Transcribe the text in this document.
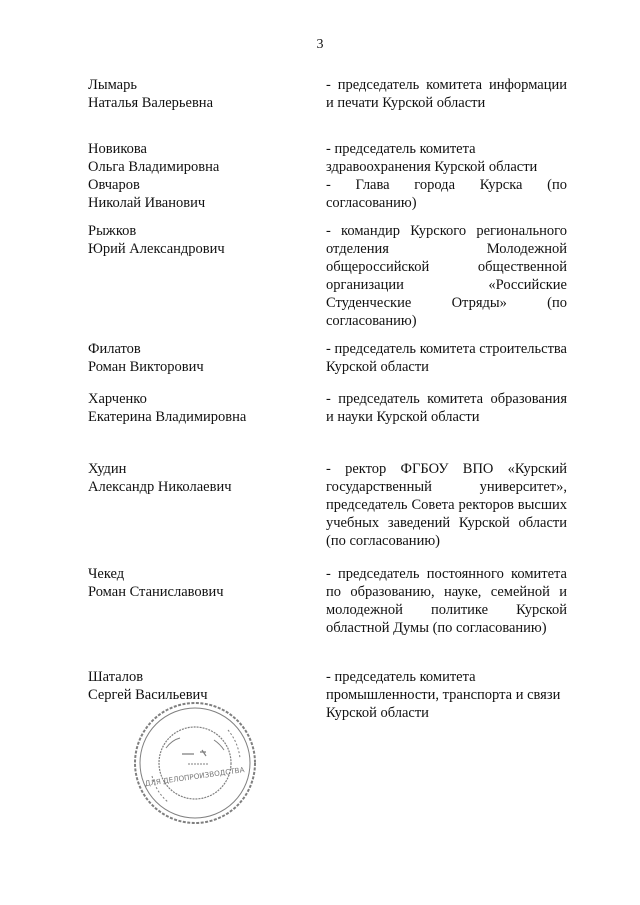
3
Лымарь
Наталья Валерьевна
- председатель комитета информации и печати Курской области
Новикова
Ольга Владимировна
- председатель комитета здравоохранения Курской области
Овчаров
Николай Иванович
- Глава города Курска (по согласованию)
Рыжков
Юрий Александрович
- командир Курского регионального отделения Молодежной общероссийской общественной организации «Российские Студенческие Отряды» (по согласованию)
Филатов
Роман Викторович
- председатель комитета строительства Курской области
Харченко
Екатерина Владимировна
- председатель комитета образования и науки Курской области
Худин
Александр Николаевич
- ректор ФГБОУ ВПО «Курский государственный университет», председатель Совета ректоров высших учебных заведений Курской области (по согласованию)
Чекед
Роман Станиславович
- председатель постоянного комитета по образованию, науке, семейной и молодежной политике Курской областной Думы (по согласованию)
Шаталов
Сергей Васильевич
- председатель комитета промышленности, транспорта и связи Курской области
ДЛЯ ДЕЛОПРОИЗВОДСТВА
